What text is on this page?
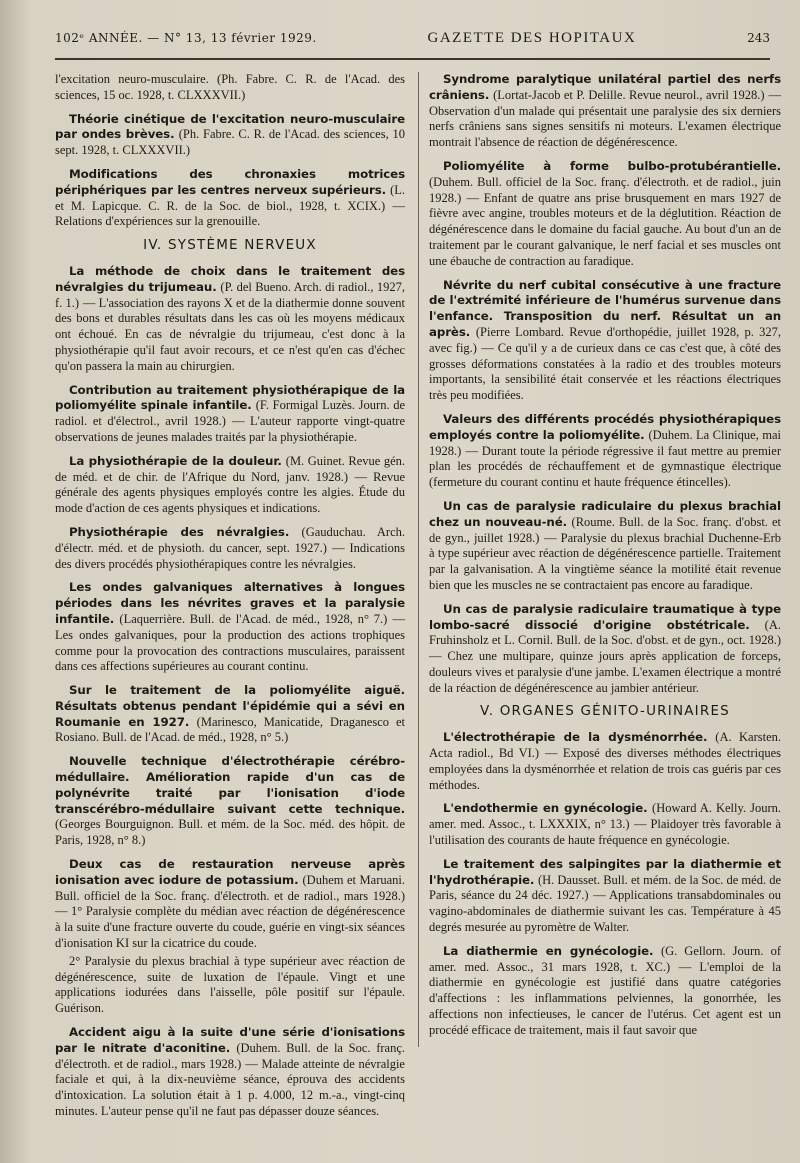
102ᵉ ANNÉE. — N° 13, 13 février 1929.	GAZETTE DES HOPITAUX	243

l'excitation neuro-musculaire. (Ph. Fabre. C. R. de l'Acad. des sciences, 15 oc. 1928, t. CLXXXVII.)

Théorie cinétique de l'excitation neuro-musculaire par ondes brèves. (Ph. Fabre. C. R. de l'Acad. des sciences, 10 sept. 1928, t. CLXXXVII.)

Modifications des chronaxies motrices périphériques par les centres nerveux supérieurs. (L. et M. Lapicque. C. R. de la Soc. de biol., 1928, t. XCIX.) — Relations d'expériences sur la grenouille.

IV. SYSTÈME NERVEUX

La méthode de choix dans le traitement des névralgies du trijumeau. (P. del Bueno. Arch. di radiol., 1927, f. 1.) — L'association des rayons X et de la diathermie donne souvent des bons et durables résultats dans les cas où les moyens médicaux ont échoué. En cas de névralgie du trijumeau, c'est donc à la physiothérapie qu'il faut avoir recours, et ce n'est qu'en cas d'échec qu'on passera la main au chirurgien.

Contribution au traitement physiothérapique de la poliomyélite spinale infantile. (F. Formigal Luzès. Journ. de radiol. et d'électrol., avril 1928.) — L'auteur rapporte vingt-quatre observations de jeunes malades traités par la physiothérapie.

La physiothérapie de la douleur. (M. Guinet. Revue gén. de méd. et de chir. de l'Afrique du Nord, janv. 1928.) — Revue générale des agents physiques employés contre les algies. Étude du mode d'action de ces agents physiques et indications.

Physiothérapie des névralgies. (Gauduchau. Arch. d'électr. méd. et de physioth. du cancer, sept. 1927.) — Indications des divers procédés physiothérapiques contre les névralgies.

Les ondes galvaniques alternatives à longues périodes dans les névrites graves et la paralysie infantile. (Laquerrière. Bull. de l'Acad. de méd., 1928, n° 7.) — Les ondes galvaniques, pour la production des actions trophiques comme pour la provocation des contractions musculaires, paraissent dans ces affections supérieures au courant continu.

Sur le traitement de la poliomyélite aiguë. Résultats obtenus pendant l'épidémie qui a sévi en Roumanie en 1927. (Marinesco, Manicatide, Draganesco et Rosiano. Bull. de l'Acad. de méd., 1928, n° 5.)

Nouvelle technique d'électrothérapie cérébro-médullaire. Amélioration rapide d'un cas de polynévrite traité par l'ionisation d'iode transcérébro-médullaire suivant cette technique. (Georges Bourguignon. Bull. et mém. de la Soc. méd. des hôpit. de Paris, 1928, n° 8.)

Deux cas de restauration nerveuse après ionisation avec iodure de potassium. (Duhem et Maruani. Bull. officiel de la Soc. franç. d'électroth. et de radiol., mars 1928.) — 1° Paralysie complète du médian avec réaction de dégénérescence à la suite d'une fracture ouverte du coude, guérie en vingt-six séances d'ionisation KI sur la cicatrice du coude.

2° Paralysie du plexus brachial à type supérieur avec réaction de dégénérescence, suite de luxation de l'épaule. Vingt et une applications iodurées dans l'aisselle, pôle positif sur l'épaule. Guérison.

Accident aigu à la suite d'une série d'ionisations par le nitrate d'aconitine. (Duhem. Bull. de la Soc. franç. d'électroth. et de radiol., mars 1928.) — Malade atteinte de névralgie faciale et qui, à la dix-neuvième séance, éprouva des accidents d'intoxication. La solution était à 1 p. 4.000, 12 m.-a., vingt-cinq minutes. L'auteur pense qu'il ne faut pas dépasser douze séances.

Syndrome paralytique unilatéral partiel des nerfs crâniens. (Lortat-Jacob et P. Delille. Revue neurol., avril 1928.) — Observation d'un malade qui présentait une paralysie des six derniers nerfs crâniens sans signes sensitifs ni moteurs. L'examen électrique montrait l'absence de réaction de dégénérescence.

Poliomyélite à forme bulbo-protubérantielle. (Duhem. Bull. officiel de la Soc. franç. d'électroth. et de radiol., juin 1928.) — Enfant de quatre ans prise brusquement en mars 1927 de fièvre avec angine, troubles moteurs et de la déglutition. Réaction de dégénérescence dans le domaine du facial gauche. Au bout d'un an de traitement par le courant galvanique, le nerf facial et ses muscles ont une ébauche de contraction au faradique.

Névrite du nerf cubital consécutive à une fracture de l'extrémité inférieure de l'humérus survenue dans l'enfance. Transposition du nerf. Résultat un an après. (Pierre Lombard. Revue d'orthopédie, juillet 1928, p. 327, avec fig.) — Ce qu'il y a de curieux dans ce cas c'est que, à côté des grosses déformations constatées à la radio et des troubles moteurs importants, la sensibilité était conservée et les réactions électriques très peu modifiées.

Valeurs des différents procédés physiothérapiques employés contre la poliomyélite. (Duhem. La Clinique, mai 1928.) — Durant toute la période régressive il faut mettre au premier plan les procédés de réchauffement et de gymnastique électrique (fermeture du courant continu et haute fréquence étincelles).

Un cas de paralysie radiculaire du plexus brachial chez un nouveau-né. (Roume. Bull. de la Soc. franç. d'obst. et de gyn., juillet 1928.) — Paralysie du plexus brachial Duchenne-Erb à type supérieur avec réaction de dégénérescence partielle. Traitement par la galvanisation. A la vingtième séance la motilité était revenue bien que les muscles ne se contractaient pas encore au faradique.

Un cas de paralysie radiculaire traumatique à type lombo-sacré dissocié d'origine obstétricale. (A. Fruhinsholz et L. Cornil. Bull. de la Soc. d'obst. et de gyn., oct. 1928.) — Chez une multipare, quinze jours après application de forceps, douleurs vives et paralysie d'une jambe. L'examen électrique a montré de la réaction de dégénérescence au jambier antérieur.

V. ORGANES GÉNITO-URINAIRES

L'électrothérapie de la dysménorrhée. (A. Karsten. Acta radiol., Bd VI.) — Exposé des diverses méthodes électriques employées dans la dysménorrhée et relation de trois cas guéris par ces méthodes.

L'endothermie en gynécologie. (Howard A. Kelly. Journ. amer. med. Assoc., t. LXXXIX, n° 13.) — Plaidoyer très favorable à l'utilisation des courants de haute fréquence en gynécologie.

Le traitement des salpingites par la diathermie et l'hydrothérapie. (H. Dausset. Bull. et mém. de la Soc. de méd. de Paris, séance du 24 déc. 1927.) — Applications transabdominales ou vagino-abdominales de diathermie suivant les cas. Température à 45 degrés mesurée au pyromètre de Walter.

La diathermie en gynécologie. (G. Gellorn. Journ. of amer. med. Assoc., 31 mars 1928, t. XC.) — L'emploi de la diathermie en gynécologie est justifié dans quatre catégories d'affections : les inflammations pelviennes, la gonorrhée, les affections non infectieuses, le cancer de l'utérus. Cet agent est un procédé efficace de traitement, mais il faut savoir que
